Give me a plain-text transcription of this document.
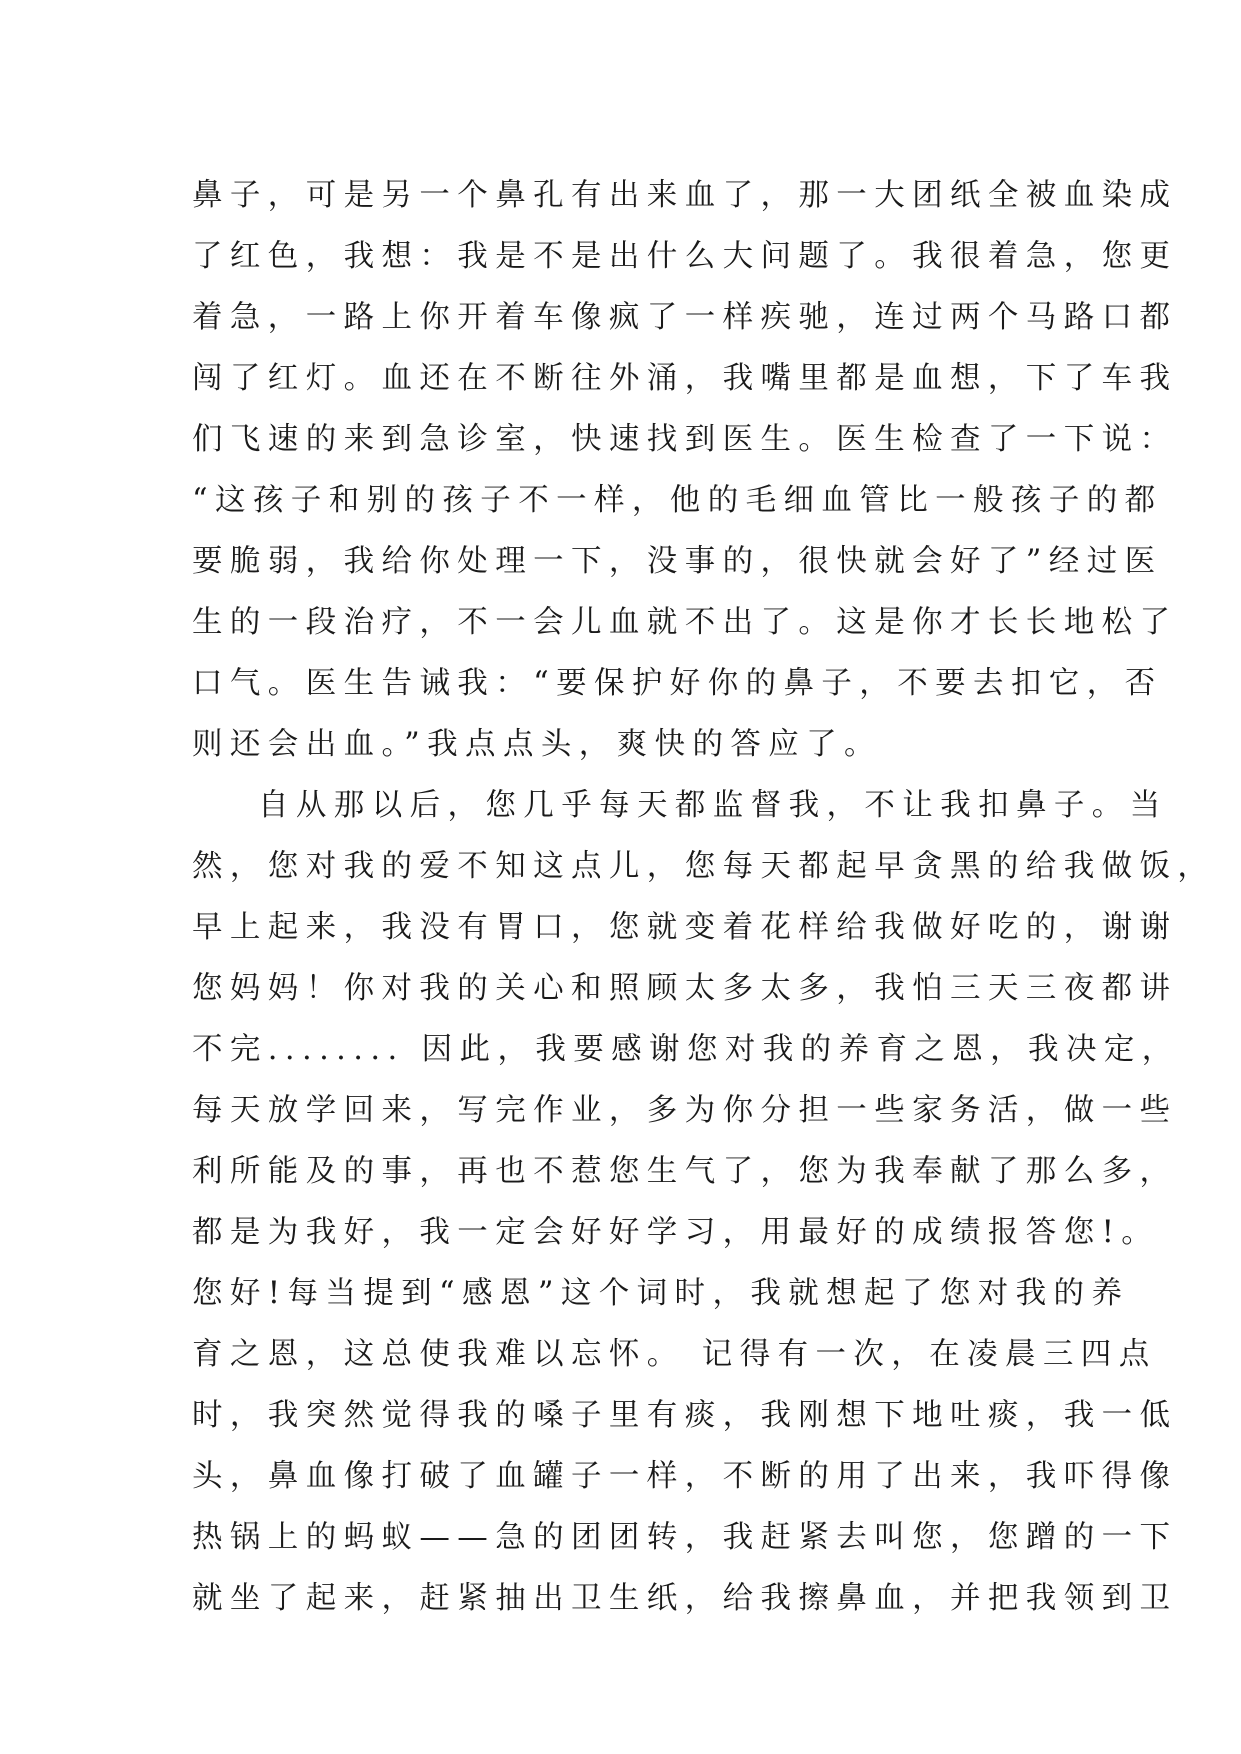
鼻子，可是另一个鼻孔有出来血了，那一大团纸全被血染成
了红色，我想：我是不是出什么大问题了。我很着急，您更
着急，一路上你开着车像疯了一样疾驰，连过两个马路口都
闯了红灯。血还在不断往外涌，我嘴里都是血想，下了车我
们飞速的来到急诊室，快速找到医生。医生检查了一下说：
“这孩子和别的孩子不一样，他的毛细血管比一般孩子的都
要脆弱，我给你处理一下，没事的，很快就会好了”经过医
生的一段治疗，不一会儿血就不出了。这是你才长长地松了
口气。医生告诫我：“要保护好你的鼻子，不要去扣它，否
则还会出血。”我点点头，爽快的答应了。
自从那以后，您几乎每天都监督我，不让我扣鼻子。当
然，您对我的爱不知这点儿，您每天都起早贪黑的给我做饭，
早上起来，我没有胃口，您就变着花样给我做好吃的，谢谢
您妈妈！你对我的关心和照顾太多太多，我怕三天三夜都讲
不完........ 因此，我要感谢您对我的养育之恩，我决定，
每天放学回来，写完作业，多为你分担一些家务活，做一些
利所能及的事，再也不惹您生气了，您为我奉献了那么多，
都是为我好，我一定会好好学习，用最好的成绩报答您!。
您好!每当提到“感恩”这个词时，我就想起了您对我的养
育之恩，这总使我难以忘怀。 记得有一次，在凌晨三四点
时，我突然觉得我的嗓子里有痰，我刚想下地吐痰，我一低
头，鼻血像打破了血罐子一样，不断的用了出来，我吓得像
热锅上的蚂蚁——急的团团转，我赶紧去叫您，您蹭的一下
就坐了起来，赶紧抽出卫生纸，给我擦鼻血，并把我领到卫
